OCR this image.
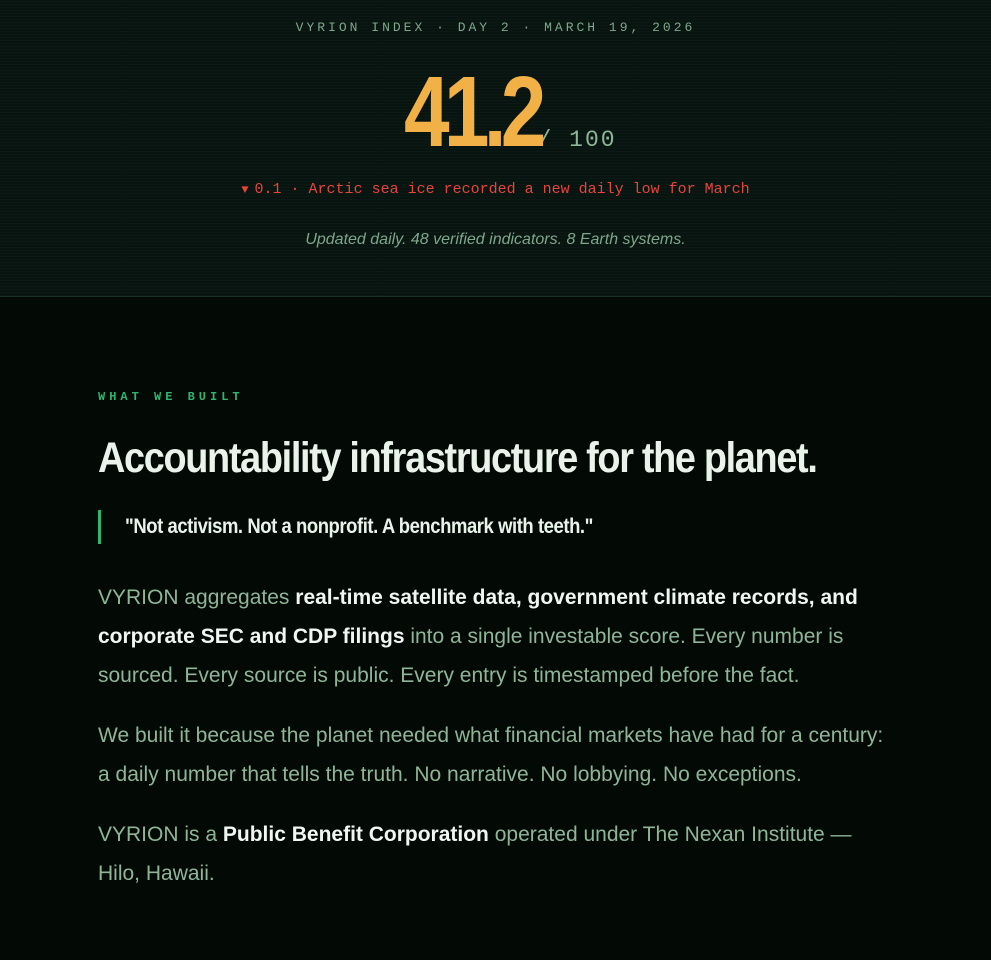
VYRION INDEX · DAY 2 · MARCH 19, 2026
41.2 / 100
▼ 0.1 · Arctic sea ice recorded a new daily low for March
Updated daily. 48 verified indicators. 8 Earth systems.

WHAT WE BUILT

Accountability infrastructure for the planet.
"Not activism. Not a nonprofit. A benchmark with teeth."

VYRION aggregates real-time satellite data, government climate records, and corporate SEC and CDP filings into a single investable score. Every number is sourced. Every source is public. Every entry is timestamped before the fact.

We built it because the planet needed what financial markets have had for a century: a daily number that tells the truth. No narrative. No lobbying. No exceptions.

VYRION is a Public Benefit Corporation operated under The Nexan Institute — Hilo, Hawaii.
